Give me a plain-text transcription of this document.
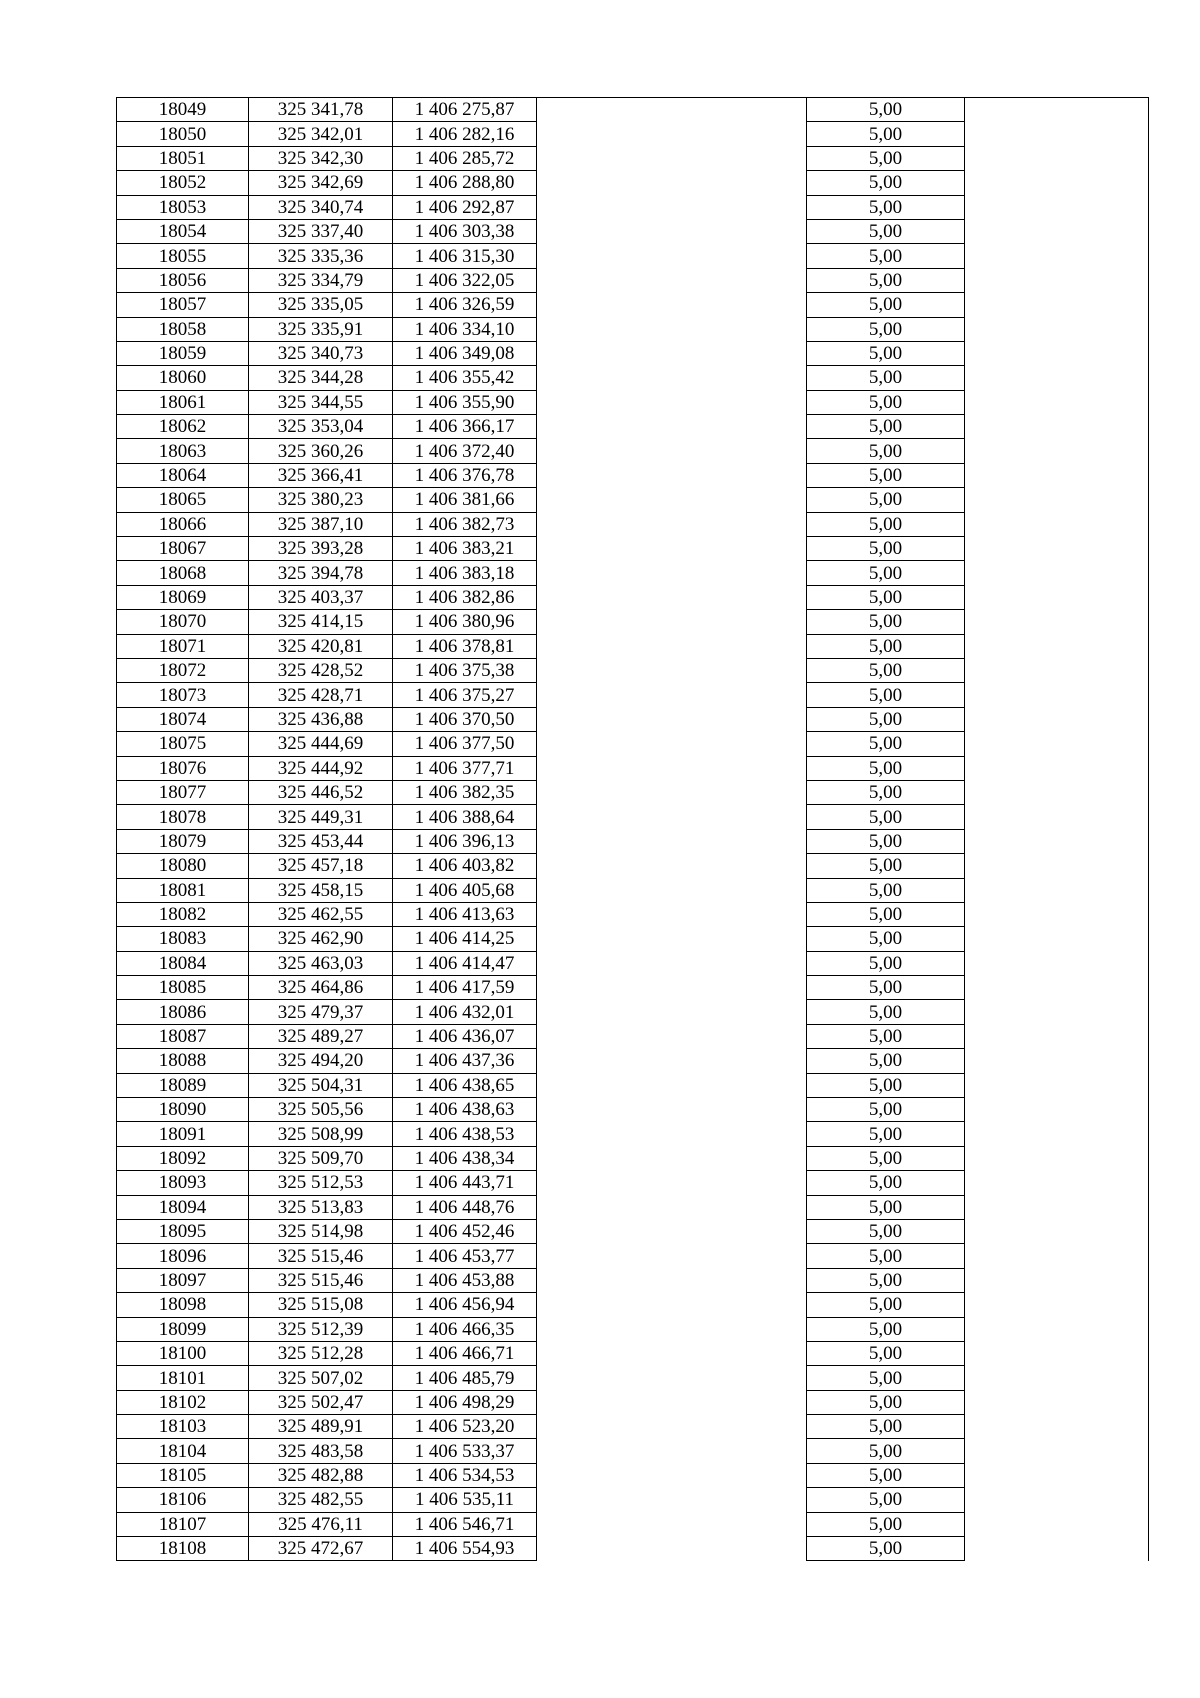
18049	325 341,78	1 406 275,87		5,00	
18050	325 342,01	1 406 282,16		5,00	
18051	325 342,30	1 406 285,72		5,00	
18052	325 342,69	1 406 288,80		5,00	
18053	325 340,74	1 406 292,87		5,00	
18054	325 337,40	1 406 303,38		5,00	
18055	325 335,36	1 406 315,30		5,00	
18056	325 334,79	1 406 322,05		5,00	
18057	325 335,05	1 406 326,59		5,00	
18058	325 335,91	1 406 334,10		5,00	
18059	325 340,73	1 406 349,08		5,00	
18060	325 344,28	1 406 355,42		5,00	
18061	325 344,55	1 406 355,90		5,00	
18062	325 353,04	1 406 366,17		5,00	
18063	325 360,26	1 406 372,40		5,00	
18064	325 366,41	1 406 376,78		5,00	
18065	325 380,23	1 406 381,66		5,00	
18066	325 387,10	1 406 382,73		5,00	
18067	325 393,28	1 406 383,21		5,00	
18068	325 394,78	1 406 383,18		5,00	
18069	325 403,37	1 406 382,86		5,00	
18070	325 414,15	1 406 380,96		5,00	
18071	325 420,81	1 406 378,81		5,00	
18072	325 428,52	1 406 375,38		5,00	
18073	325 428,71	1 406 375,27		5,00	
18074	325 436,88	1 406 370,50		5,00	
18075	325 444,69	1 406 377,50		5,00	
18076	325 444,92	1 406 377,71		5,00	
18077	325 446,52	1 406 382,35		5,00	
18078	325 449,31	1 406 388,64		5,00	
18079	325 453,44	1 406 396,13		5,00	
18080	325 457,18	1 406 403,82		5,00	
18081	325 458,15	1 406 405,68		5,00	
18082	325 462,55	1 406 413,63		5,00	
18083	325 462,90	1 406 414,25		5,00	
18084	325 463,03	1 406 414,47		5,00	
18085	325 464,86	1 406 417,59		5,00	
18086	325 479,37	1 406 432,01		5,00	
18087	325 489,27	1 406 436,07		5,00	
18088	325 494,20	1 406 437,36		5,00	
18089	325 504,31	1 406 438,65		5,00	
18090	325 505,56	1 406 438,63		5,00	
18091	325 508,99	1 406 438,53		5,00	
18092	325 509,70	1 406 438,34		5,00	
18093	325 512,53	1 406 443,71		5,00	
18094	325 513,83	1 406 448,76		5,00	
18095	325 514,98	1 406 452,46		5,00	
18096	325 515,46	1 406 453,77		5,00	
18097	325 515,46	1 406 453,88		5,00	
18098	325 515,08	1 406 456,94		5,00	
18099	325 512,39	1 406 466,35		5,00	
18100	325 512,28	1 406 466,71		5,00	
18101	325 507,02	1 406 485,79		5,00	
18102	325 502,47	1 406 498,29		5,00	
18103	325 489,91	1 406 523,20		5,00	
18104	325 483,58	1 406 533,37		5,00	
18105	325 482,88	1 406 534,53		5,00	
18106	325 482,55	1 406 535,11		5,00	
18107	325 476,11	1 406 546,71		5,00	
18108	325 472,67	1 406 554,93		5,00	
